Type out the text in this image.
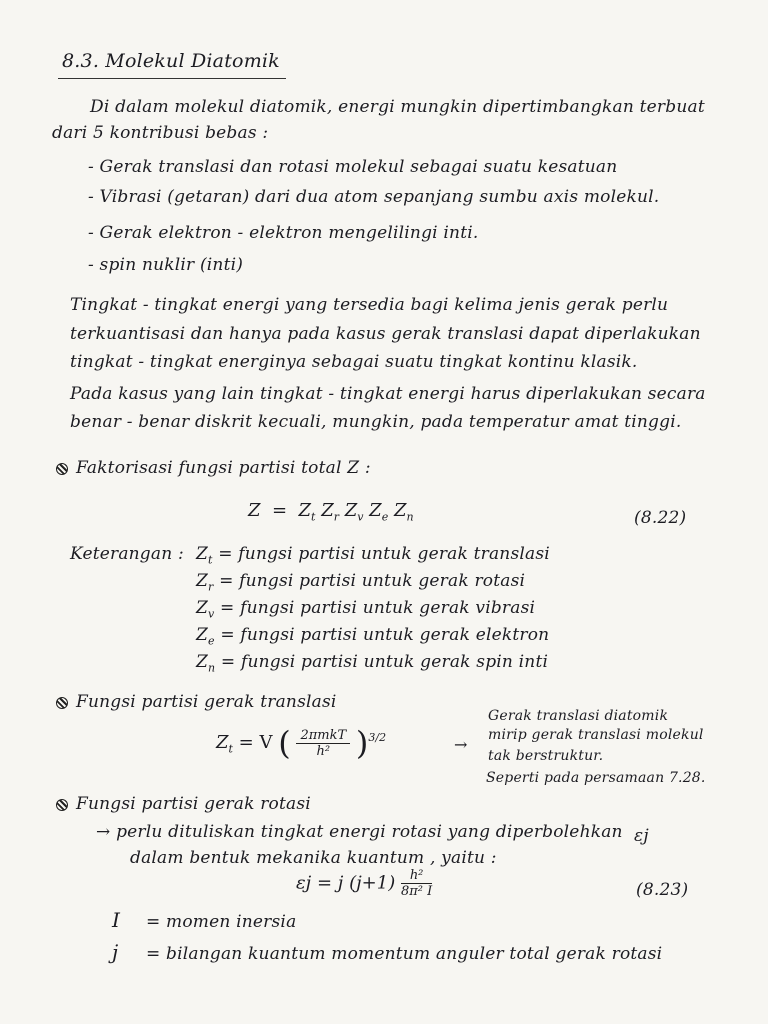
8.3. Molekul Diatomik
Di dalam molekul diatomik, energi mungkin dipertimbangkan terbuat
dari 5 kontribusi bebas :
- Gerak translasi dan rotasi molekul sebagai suatu kesatuan
- Vibrasi (getaran) dari dua atom sepanjang sumbu axis molekul.
- Gerak elektron - elektron mengelilingi inti.
- spin nuklir (inti)
Tingkat - tingkat energi yang tersedia bagi kelima jenis gerak perlu
terkuantisasi dan hanya pada kasus gerak translasi dapat diperlakukan
tingkat - tingkat energinya sebagai suatu tingkat kontinu klasik.
Pada kasus yang lain tingkat - tingkat energi harus diperlakukan secara
benar - benar diskrit kecuali, mungkin, pada temperatur amat tinggi.
Faktorisasi fungsi partisi total Z :
$Z = Z_t$ $Z_r$ $Z_v$ $Z_e$ $Z_n$	(8.22)
Keterangan : $Z_t$ = fungsi partisi untuk gerak translasi
$Z_r$ = fungsi partisi untuk gerak rotasi
$Z_v$ = fungsi partisi untuk gerak vibrasi
$Z_e$ = fungsi partisi untuk gerak elektron
$Z_n$ = fungsi partisi untuk gerak spin inti
Fungsi partisi gerak translasi
$Z_t = V$ ( $\frac{\text{2πmkT}}{\text{h²}} )^{3/2}$	→
Gerak translasi diatomik
mirip gerak translasi molekul
tak berstruktur.
Seperti pada persamaan 7.28.
Fungsi partisi gerak rotasi
→ perlu dituliskan tingkat energi rotasi yang diperbolehkan εj
dalam bentuk mekanika kuantum , yaitu :
εj = j $(j+1) \frac{\text{h²}}{\text{8π² I}}$	(8.23)
I = momen inersia
j = bilangan kuantum momentum anguler total gerak rotasi
